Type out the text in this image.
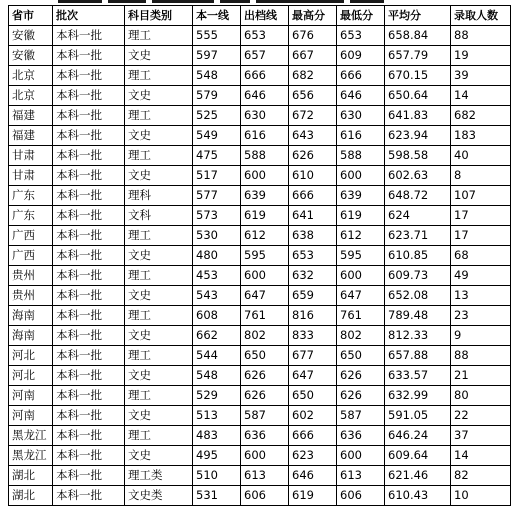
省市	批次	科目类别	本一线	出档线	最高分	最低分	平均分	录取人数
安徽	本科一批	理工	555	653	676	653	658.84	88
安徽	本科一批	文史	597	657	667	609	657.79	19
北京	本科一批	理工	548	666	682	666	670.15	39
北京	本科一批	文史	579	646	656	646	650.64	14
福建	本科一批	理工	525	630	672	630	641.83	682
福建	本科一批	文史	549	616	643	616	623.94	183
甘肃	本科一批	理工	475	588	626	588	598.58	40
甘肃	本科一批	文史	517	600	610	600	602.63	8
广东	本科一批	理科	577	639	666	639	648.72	107
广东	本科一批	文科	573	619	641	619	624	17
广西	本科一批	理工	530	612	638	612	623.71	17
广西	本科一批	文史	480	595	653	595	610.85	68
贵州	本科一批	理工	453	600	632	600	609.73	49
贵州	本科一批	文史	543	647	659	647	652.08	13
海南	本科一批	理工	608	761	816	761	789.48	23
海南	本科一批	文史	662	802	833	802	812.33	9
河北	本科一批	理工	544	650	677	650	657.88	88
河北	本科一批	文史	548	626	647	626	633.57	21
河南	本科一批	理工	529	626	650	626	632.99	80
河南	本科一批	文史	513	587	602	587	591.05	22
黑龙江	本科一批	理工	483	636	666	636	646.24	37
黑龙江	本科一批	文史	495	600	623	600	609.64	14
湖北	本科一批	理工类	510	613	646	613	621.46	82
湖北	本科一批	文史类	531	606	619	606	610.43	10
